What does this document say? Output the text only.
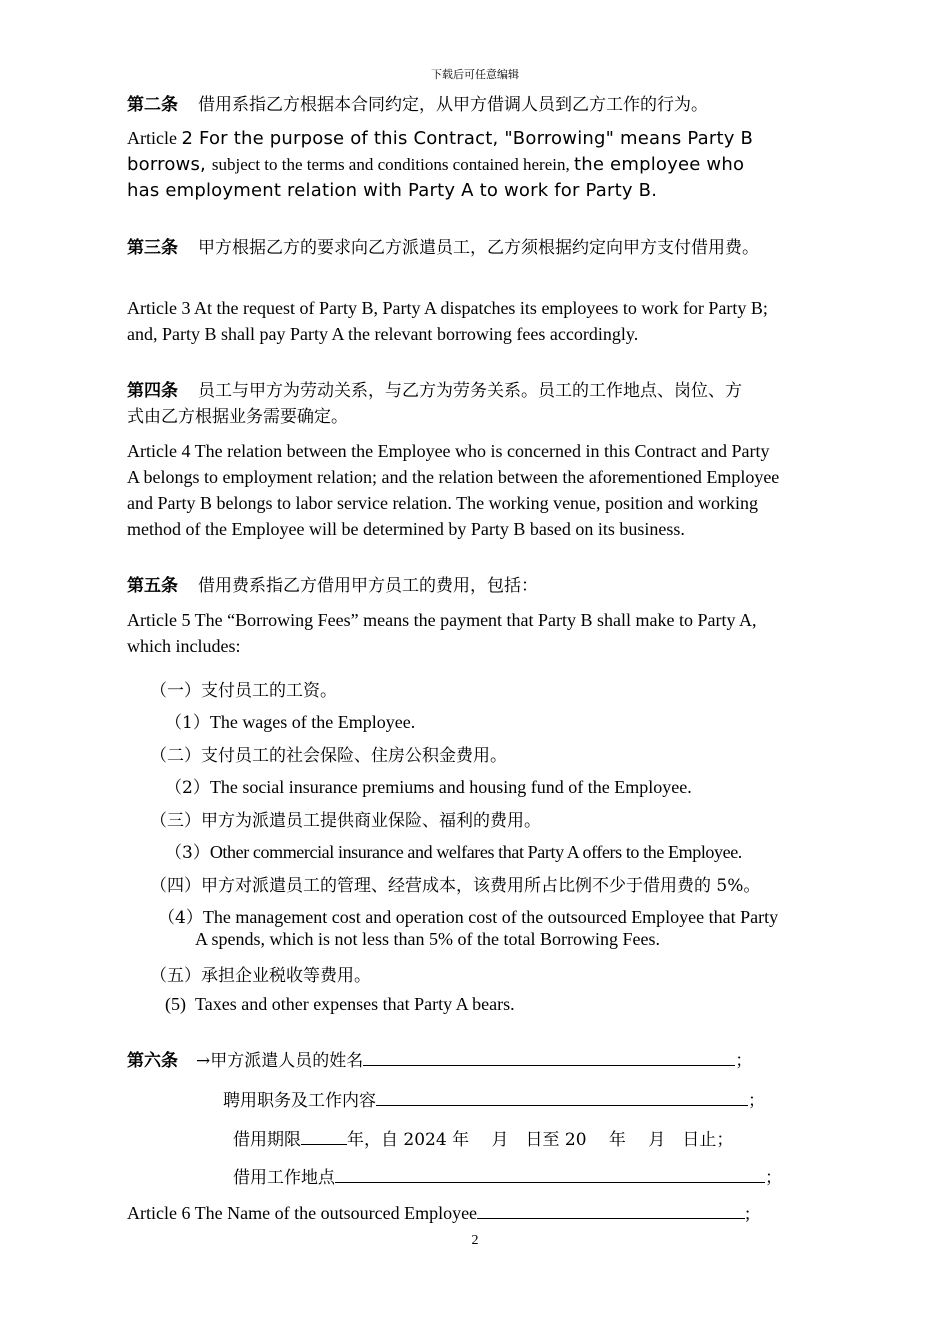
下载后可任意编辑
第二条 借用系指乙方根据本合同约定，从甲方借调人员到乙方工作的行为。
Article 2 For the purpose of this Contract, "Borrowing" means Party B
borrows, subject to the terms and conditions contained herein, the employee who
has employment relation with Party A to work for Party B.
第三条 甲方根据乙方的要求向乙方派遣员工，乙方须根据约定向甲方支付借用费。
Article 3 At the request of Party B, Party A dispatches its employees to work for Party B;
and, Party B shall pay Party A the relevant borrowing fees accordingly.
第四条 员工与甲方为劳动关系，与乙方为劳务关系。员工的工作地点、岗位、方
式由乙方根据业务需要确定。
Article 4 The relation between the Employee who is concerned in this Contract and Party
A belongs to employment relation; and the relation between the aforementioned Employee
and Party B belongs to labor service relation. The working venue, position and working
method of the Employee will be determined by Party B based on its business.
第五条 借用费系指乙方借用甲方员工的费用，包括：
Article 5 The “Borrowing Fees” means the payment that Party B shall make to Party A,
which includes:
（一）支付员工的工资。
（1）The wages of the Employee.
（二）支付员工的社会保险、住房公积金费用。
（2）The social insurance premiums and housing fund of the Employee.
（三）甲方为派遣员工提供商业保险、福利的费用。
（3）Other commercial insurance and welfares that Party A offers to the Employee.
（四）甲方对派遣员工的管理、经营成本，该费用所占比例不少于借用费的 5%。
（4）The management cost and operation cost of the outsourced Employee that Party
A spends, which is not less than 5% of the total Borrowing Fees.
（五）承担企业税收等费用。
(5) Taxes and other expenses that Party A bears.
第六条 →甲方派遣人员的姓名	；
聘用职务及工作内容	；
借用期限	年，自 2024 年　 月　日至 20　 年　 月　日止；
借用工作地点	；
Article 6 The Name of the outsourced Employee	;
2
